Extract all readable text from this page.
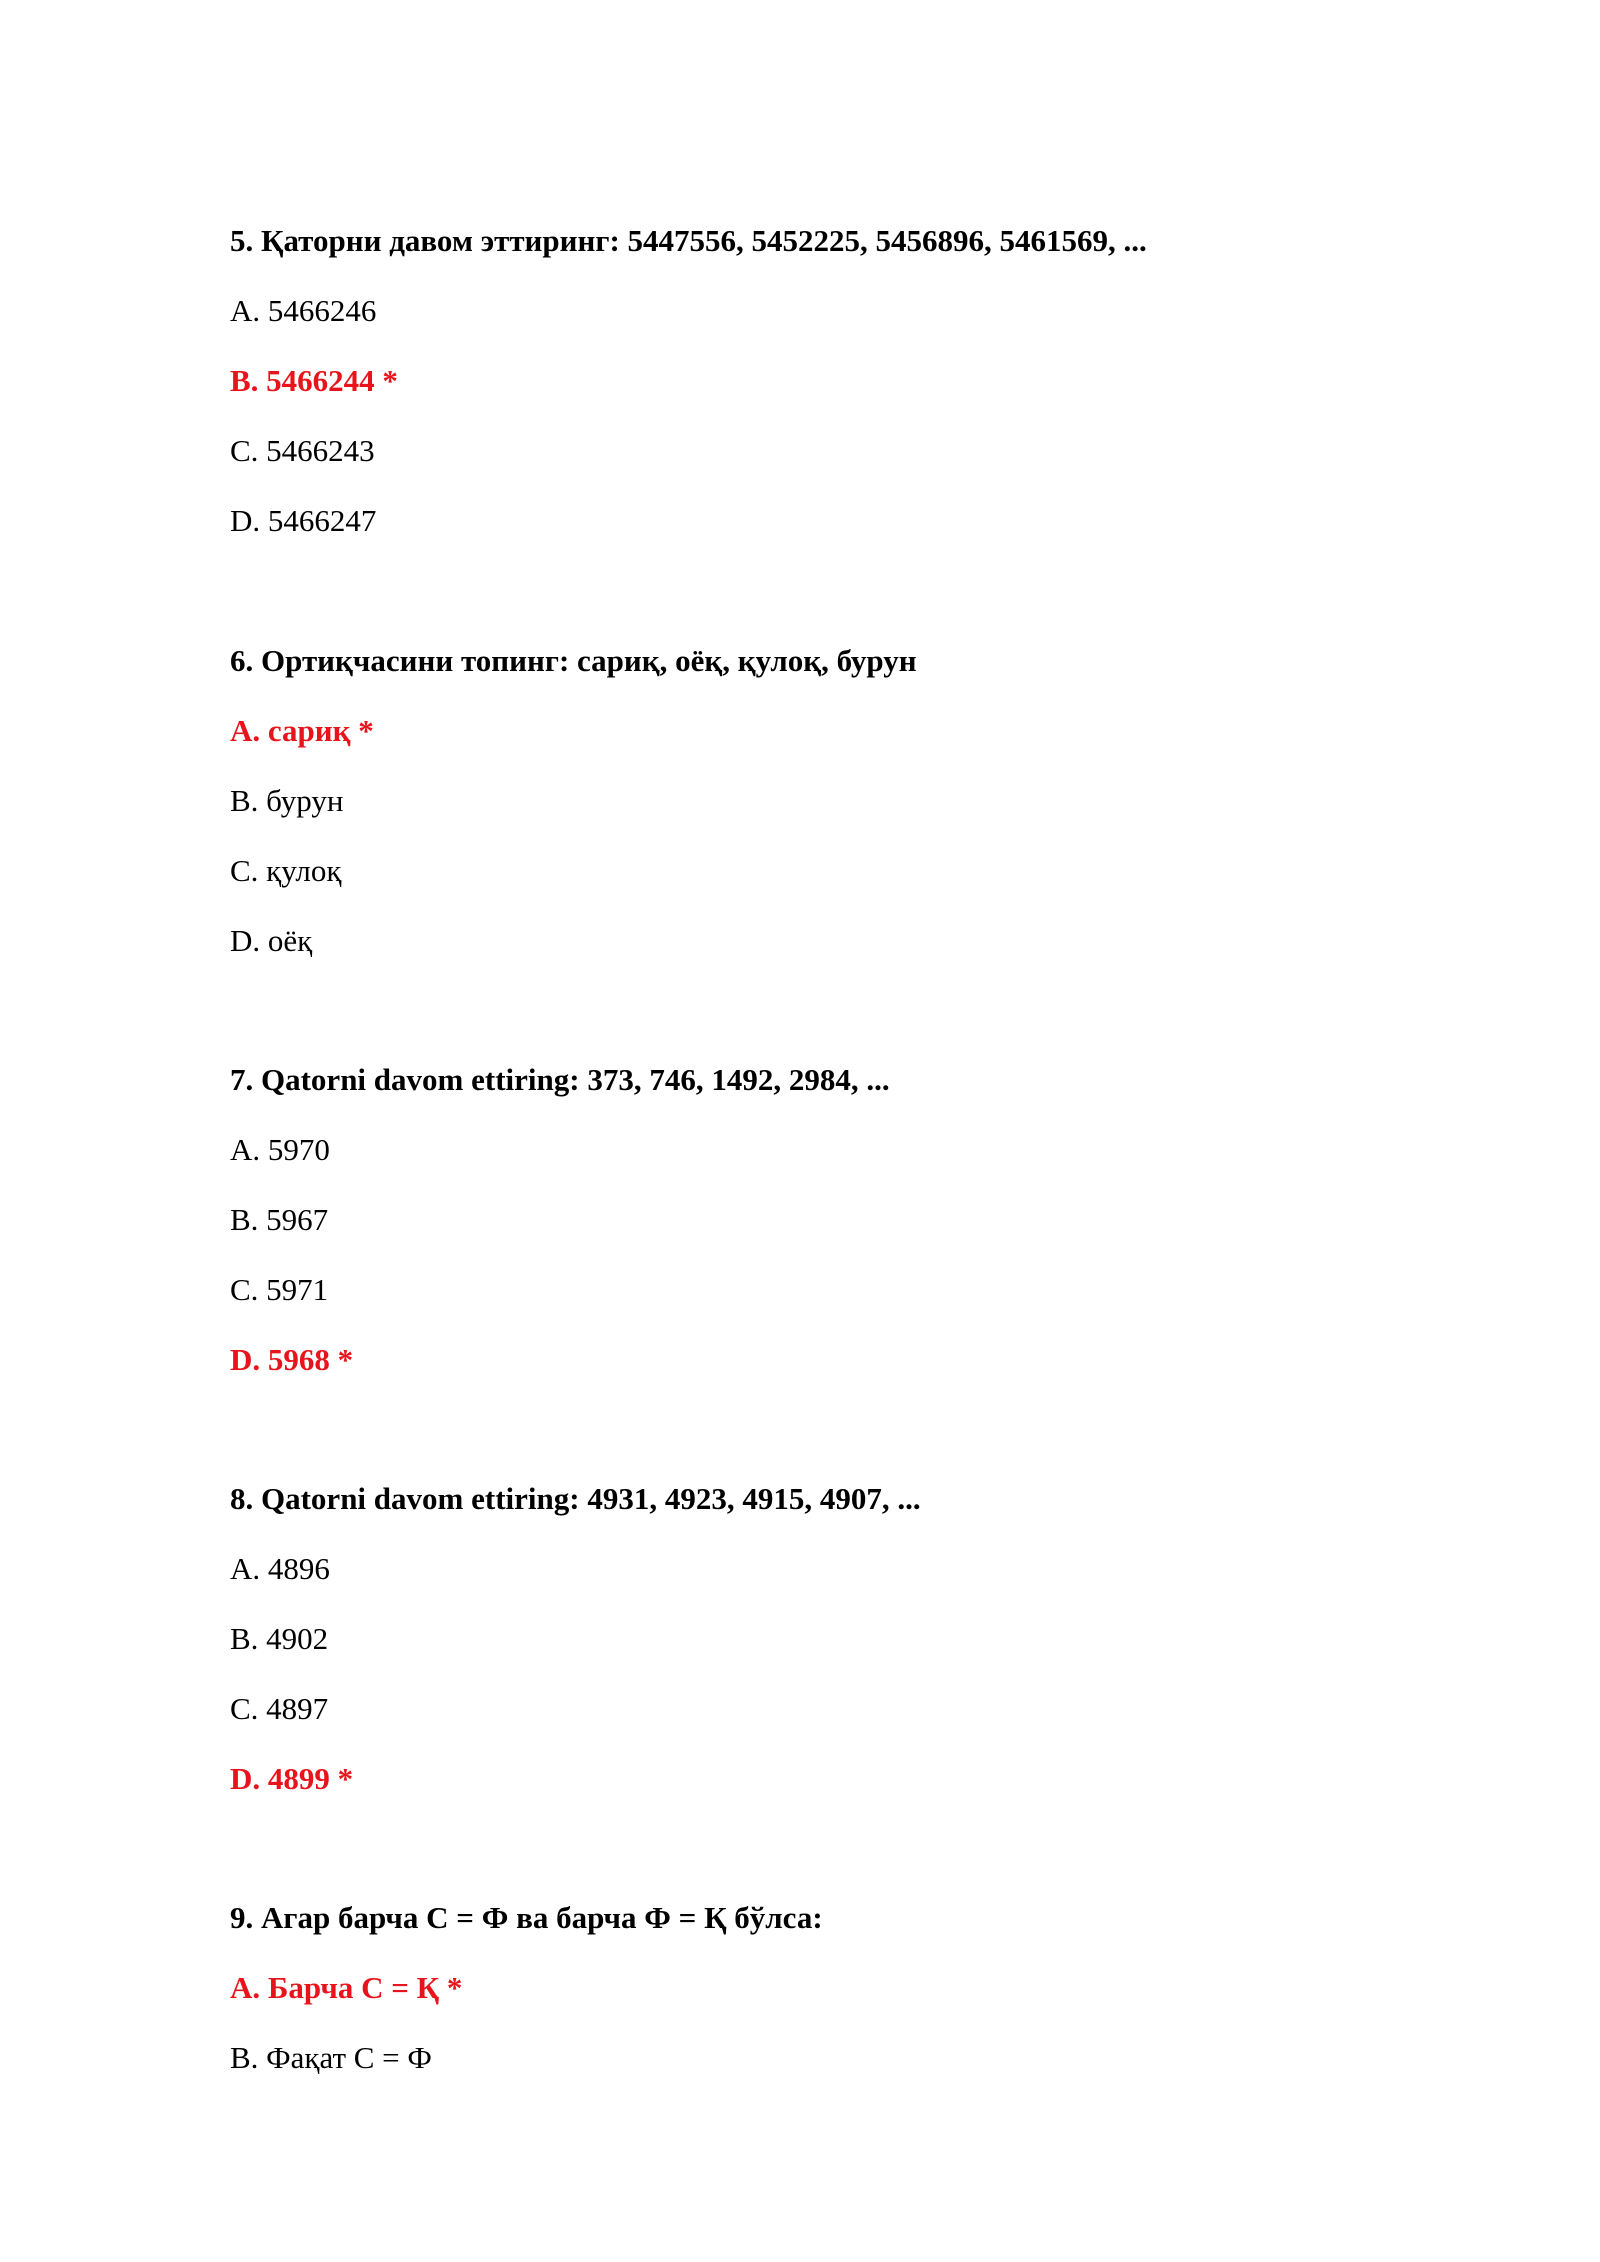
5. Қаторни давом эттиринг: 5447556, 5452225, 5456896, 5461569, ...
A. 5466246
B. 5466244 *
C. 5466243
D. 5466247
6. Ортиқчасини топинг: сариқ, оёқ, қулоқ, бурун
A. сариқ *
B. бурун
C. қулоқ
D. оёқ
7. Qatorni davom ettiring: 373, 746, 1492, 2984, ...
A. 5970
B. 5967
C. 5971
D. 5968 *
8. Qatorni davom ettiring: 4931, 4923, 4915, 4907, ...
A. 4896
B. 4902
C. 4897
D. 4899 *
9. Агар барча С = Ф ва барча Ф = Қ бўлса:
A. Барча С = Қ *
B. Фақат С = Ф
